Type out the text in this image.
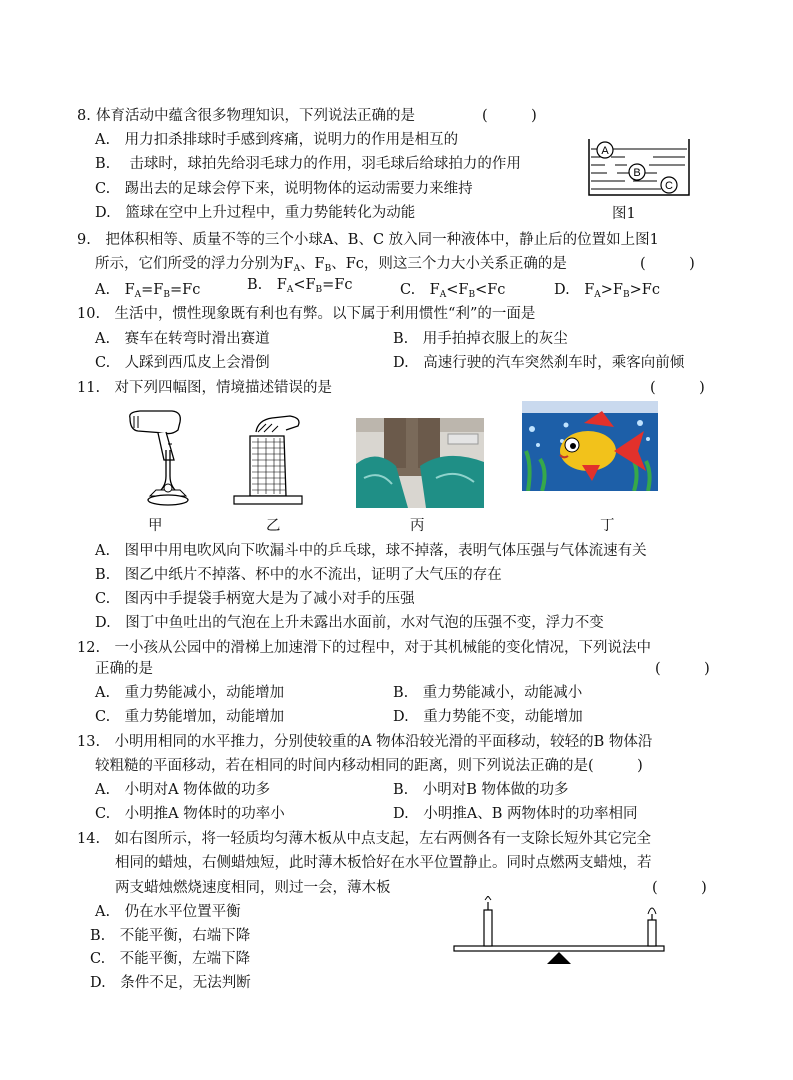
8. 体育活动中蕴含很多物理知识，下列说法正确的是	(　　　)
A.　用力扣杀排球时手感到疼痛，说明力的作用是相互的
B.　 击球时，球拍先给羽毛球力的作用，羽毛球后给球拍力的作用
C.　踢出去的足球会停下来，说明物体的运动需要力来维持
D.　篮球在空中上升过程中，重力势能转化为动能
A
B
C
图1
9.　把体积相等、质量不等的三个小球A、B、C 放入同一种液体中，静止后的位置如上图1
所示，它们所受的浮力分别为$F_A$、$F_B$、Fc，则这三个力大小关系正确的是	(　　　)
A.　$F_A=F_B=Fc$	B.　$F_A<F_B=Fc$	C.　$F_A<F_B<Fc$	D.　$F_A>F_B>Fc$
10.　生活中，惯性现象既有利也有弊。以下属于利用惯性“利”的一面是
A.　赛车在转弯时滑出赛道	B.　用手拍掉衣服上的灰尘
C.　人踩到西瓜皮上会滑倒	D.　高速行驶的汽车突然刹车时，乘客向前倾
11.　对下列四幅图，情境描述错误的是	(　　　)
甲	乙	丙	丁
A.　图甲中用电吹风向下吹漏斗中的乒乓球，球不掉落，表明气体压强与气体流速有关
B.　图乙中纸片不掉落、杯中的水不流出，证明了大气压的存在
C.　图丙中手提袋手柄宽大是为了减小对手的压强
D.　图丁中鱼吐出的气泡在上升未露出水面前，水对气泡的压强不变，浮力不变
12.　一小孩从公园中的滑梯上加速滑下的过程中，对于其机械能的变化情况，下列说法中
正确的是	(　　　)
A.　重力势能减小，动能增加	B.　重力势能减小，动能减小
C.　重力势能增加，动能增加	D.　重力势能不变，动能增加
13.　小明用相同的水平推力，分别使较重的A 物体沿较光滑的平面移动，较轻的B 物体沿
较粗糙的平面移动，若在相同的时间内移动相同的距离，则下列说法正确的是(　　　)
A.　小明对A 物体做的功多	B.　小明对B 物体做的功多
C.　小明推A 物体时的功率小	D.　小明推A、B 两物体时的功率相同
14.　如右图所示，将一轻质均匀薄木板从中点支起，左右两侧各有一支除长短外其它完全
相同的蜡烛，右侧蜡烛短，此时薄木板恰好在水平位置静止。同时点燃两支蜡烛，若
两支蜡烛燃烧速度相同，则过一会，薄木板	(　　　)
A.　仍在水平位置平衡
B.　不能平衡，右端下降
C.　不能平衡，左端下降
D.　条件不足，无法判断
